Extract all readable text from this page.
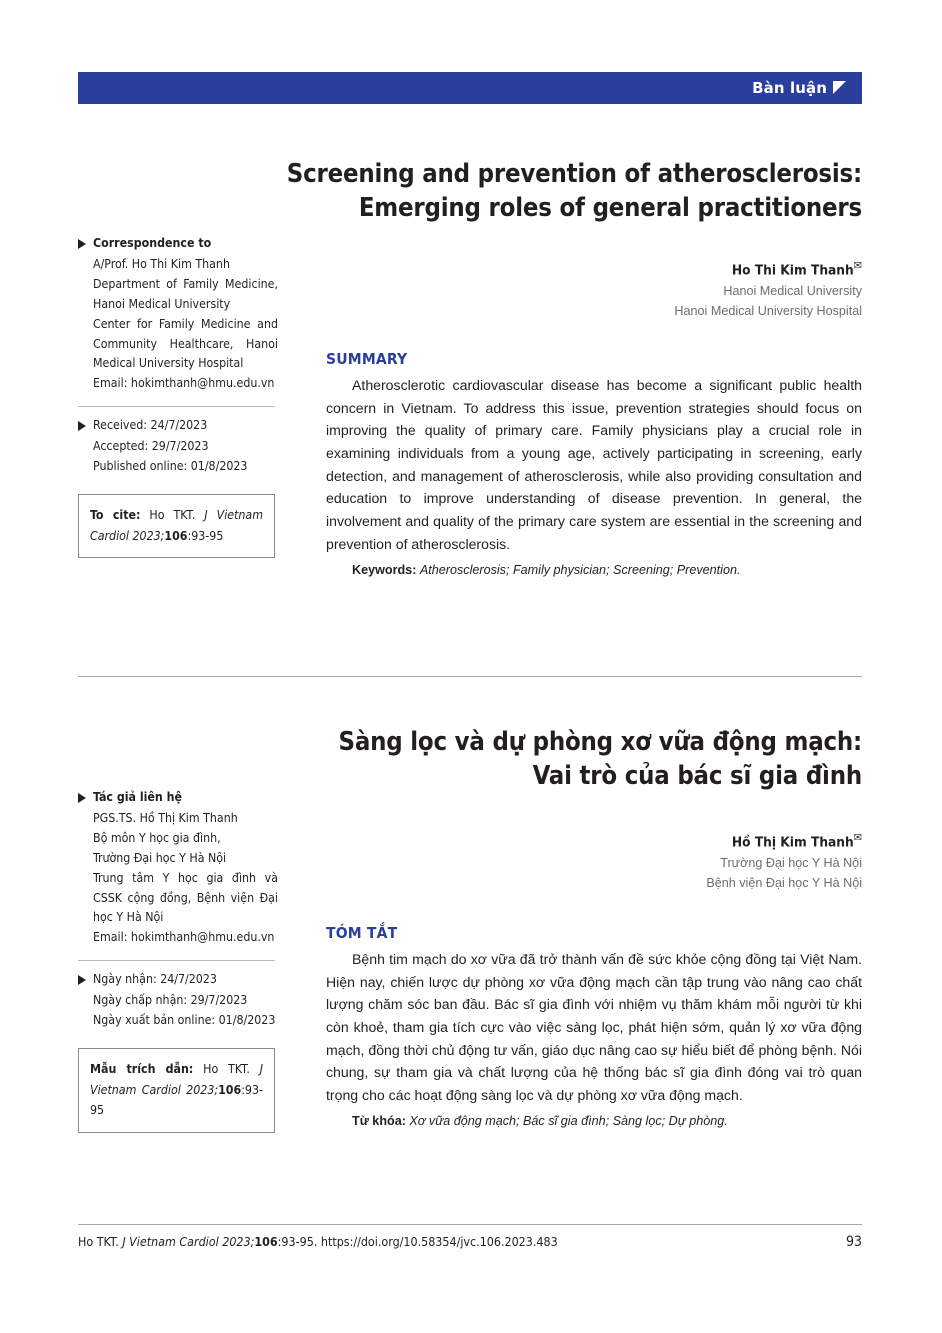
Bàn luận
Screening and prevention of atherosclerosis:
Emerging roles of general practitioners
Ho Thi Kim Thanh✉
Hanoi Medical University
Hanoi Medical University Hospital
Correspondence to
A/Prof. Ho Thi Kim Thanh
Department of Family Medicine, Hanoi Medical University
Center for Family Medicine and Community Healthcare, Hanoi Medical University Hospital
Email: hokimthanh@hmu.edu.vn
Received: 24/7/2023
Accepted: 29/7/2023
Published online: 01/8/2023
To cite: Ho TKT. J Vietnam Cardiol 2023;106:93-95
SUMMARY
Atherosclerotic cardiovascular disease has become a significant public health concern in Vietnam. To address this issue, prevention strategies should focus on improving the quality of primary care. Family physicians play a crucial role in examining individuals from a young age, actively participating in screening, early detection, and management of atherosclerosis, while also providing consultation and education to improve understanding of disease prevention. In general, the involvement and quality of the primary care system are essential in the screening and prevention of atherosclerosis.
Keywords: Atherosclerosis; Family physician; Screening; Prevention.
Sàng lọc và dự phòng xơ vữa động mạch:
Vai trò của bác sĩ gia đình
Hồ Thị Kim Thanh✉
Trường Đại học Y Hà Nội
Bệnh viện Đại học Y Hà Nội
Tác giả liên hệ
PGS.TS. Hồ Thị Kim Thanh
Bộ môn Y học gia đình,
Trường Đại học Y Hà Nội
Trung tâm Y học gia đình và CSSK cộng đồng, Bệnh viện Đại học Y Hà Nội
Email: hokimthanh@hmu.edu.vn
Ngày nhận: 24/7/2023
Ngày chấp nhận: 29/7/2023
Ngày xuất bản online: 01/8/2023
Mẫu trích dẫn: Ho TKT. J Vietnam Cardiol 2023;106:93-95
TÓM TẮT
Bệnh tim mạch do xơ vữa đã trở thành vấn đề sức khỏe cộng đồng tại Việt Nam. Hiện nay, chiến lược dự phòng xơ vữa động mạch cần tập trung vào nâng cao chất lượng chăm sóc ban đầu. Bác sĩ gia đình với nhiệm vụ thăm khám mỗi người từ khi còn khoẻ, tham gia tích cực vào việc sàng lọc, phát hiện sớm, quản lý xơ vữa động mạch, đồng thời chủ động tư vấn, giáo dục nâng cao sự hiểu biết để phòng bệnh. Nói chung, sự tham gia và chất lượng của hệ thống bác sĩ gia đình đóng vai trò quan trọng cho các hoạt động sàng lọc và dự phòng xơ vữa động mạch.
Từ khóa: Xơ vữa động mạch; Bác sĩ gia đình; Sàng lọc; Dự phòng.
Ho TKT. J Vietnam Cardiol 2023;106:93-95. https://doi.org/10.58354/jvc.106.2023.483	93
